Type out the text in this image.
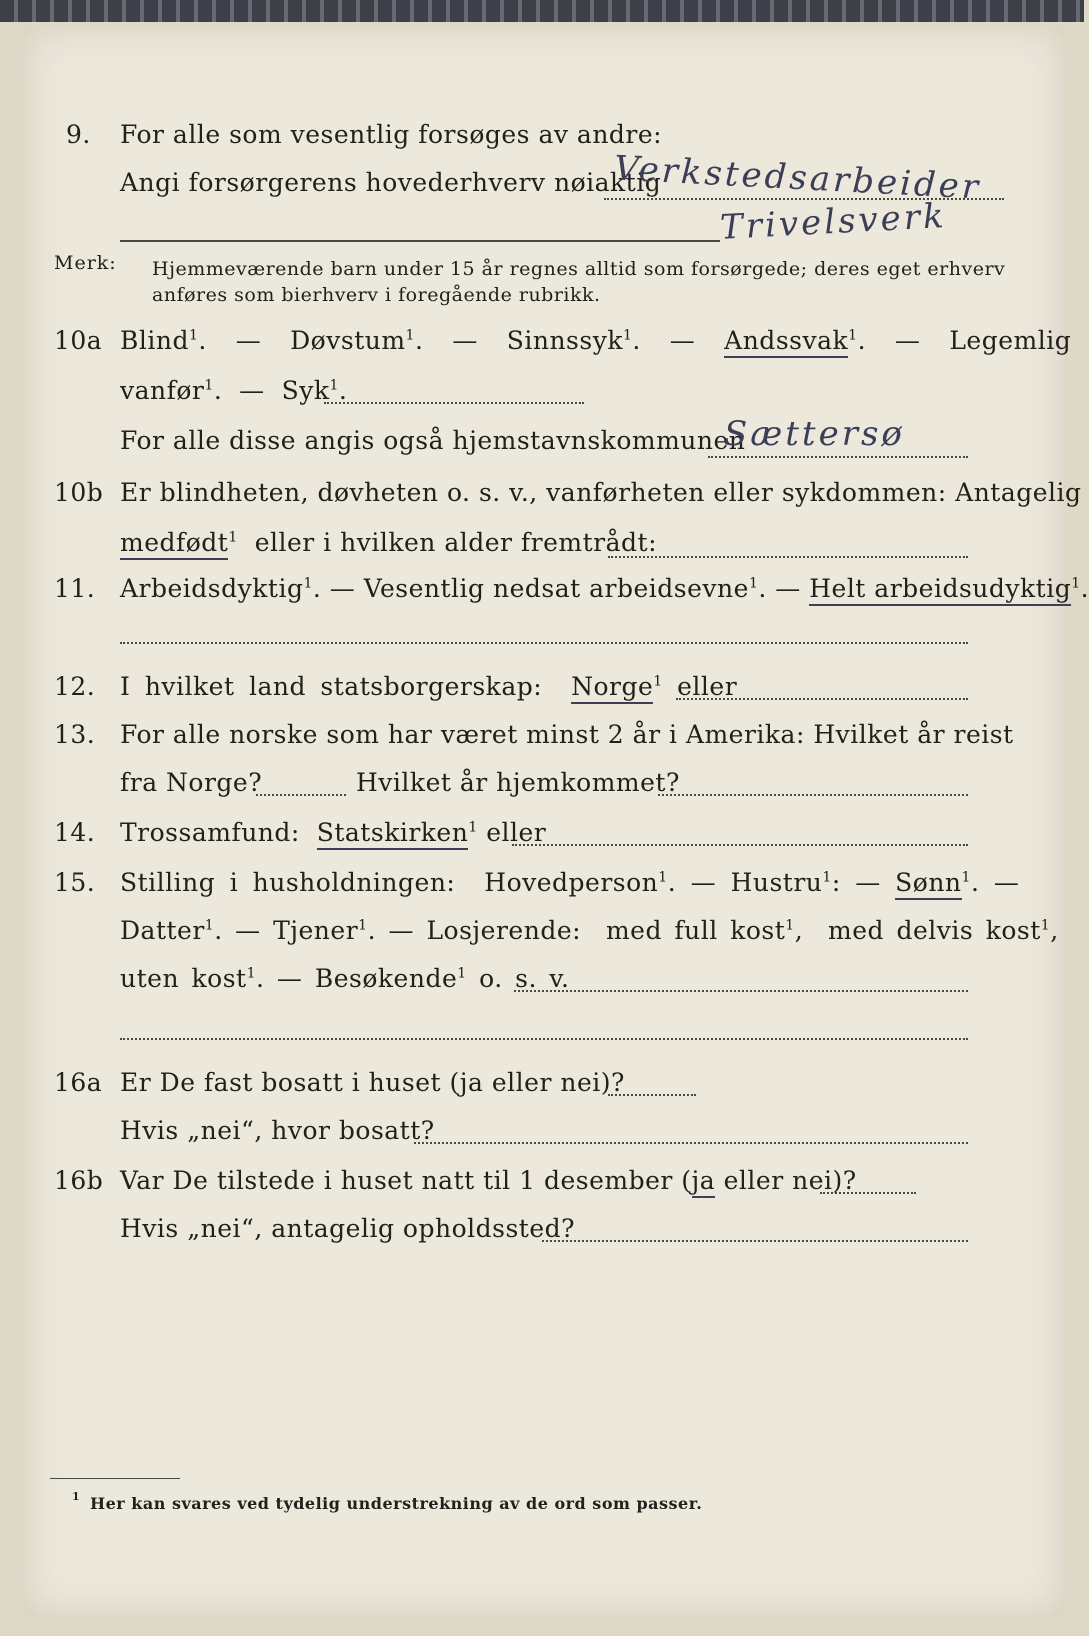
9. For alle som vesentlig forsøges av andre:
Angi forsørgerens hovederhverv nøiaktig
Verkstedsarbeider
Trivelsverk
Merk: Hjemmeværende barn under 15 år regnes alltid som forsørgede; deres eget erhverv
anføres som bierhverv i foregående rubrikk.
10a Blind$^1$.  — Døvstum$^1$.  — Sinnssyk$^1$.  — Andssvak$^1$.  — Legemlig
vanfør$^1$.  — Syk$^1$.
For alle disse angis også hjemstavnskommunen
Sættersø
10b Er blindheten, døvheten o. s. v., vanførheten eller sykdommen: Antagelig
medfødt$^1$ eller i hvilken alder fremtrådt:
11. Arbeidsdyktig$^1$. — Vesentlig nedsat arbeidsevne$^1$. — Helt arbeidsudyktig$^1$.
12. I hvilket land statsborgerskap: Norge$^1$ eller
13. For alle norske som har været minst 2 år i Amerika: Hvilket år reist
fra Norge?	Hvilket år hjemkommet?
14. Trossamfund: Statskirken$^1$ eller
15. Stilling i husholdningen: Hovedperson$^1$. — Hustru$^1$: — Sønn$^1$. —
Datter$^1$. — Tjener$^1$. — Losjerende: med full kost$^1$,  med delvis kost$^1$,
uten kost$^1$. — Besøkende$^1$ o. s. v.
16a Er De fast bosatt i huset (ja eller nei)?
Hvis „nei“, hvor bosatt?
16b Var De tilstede i huset natt til 1 desember (ja eller nei)?
Hvis „nei“, antagelig opholdssted?
1 Her kan svares ved tydelig understrekning av de ord som passer.
